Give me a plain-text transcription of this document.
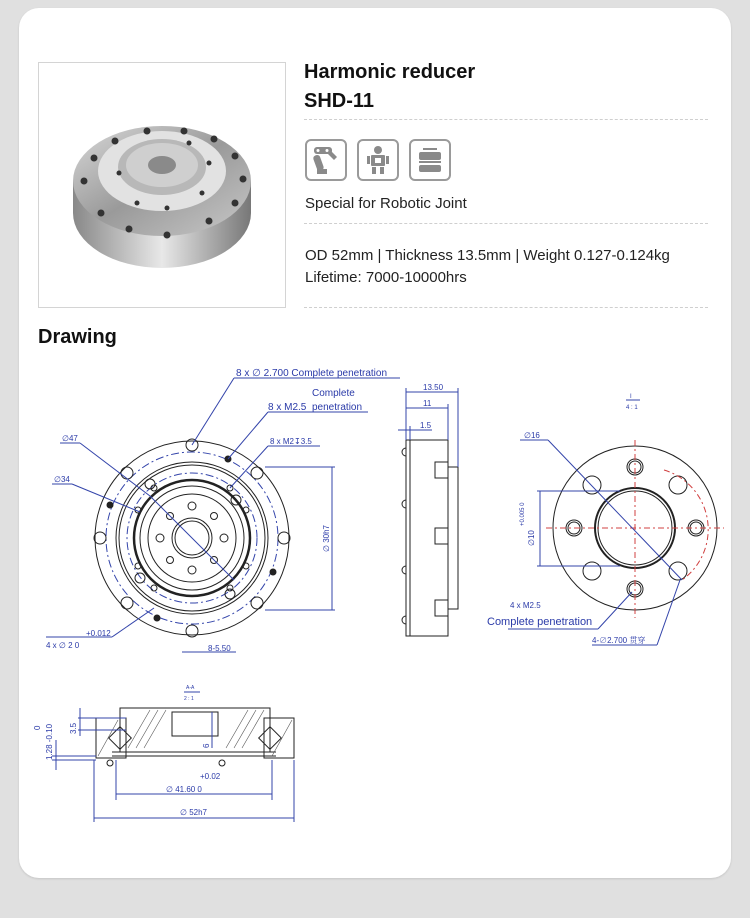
Harmonic reducer
SHD-11
Special for Robotic Joint
OD 52mm | Thickness 13.5mm | Weight 0.127-0.124kg
Lifetime: 7000-10000hrs
Drawing
8 x ∅ 2.700 Complete penetration
Complete
8 x M2.5 penetration
8 x M2↧3.5
∅47
∅34
∅ 30h7
+0.012
4 x ∅ 2 0	8-5.50
13.50
11
1.5
I
4 : 1
∅16
∅10
+0.005 0
4 x M2.5
Complete penetration
4-∅2.700 贯穿
A-A
2 : 1
3.5
0 1.28 -0.10	6
+0.02
∅ 41.60 0
∅ 52h7
